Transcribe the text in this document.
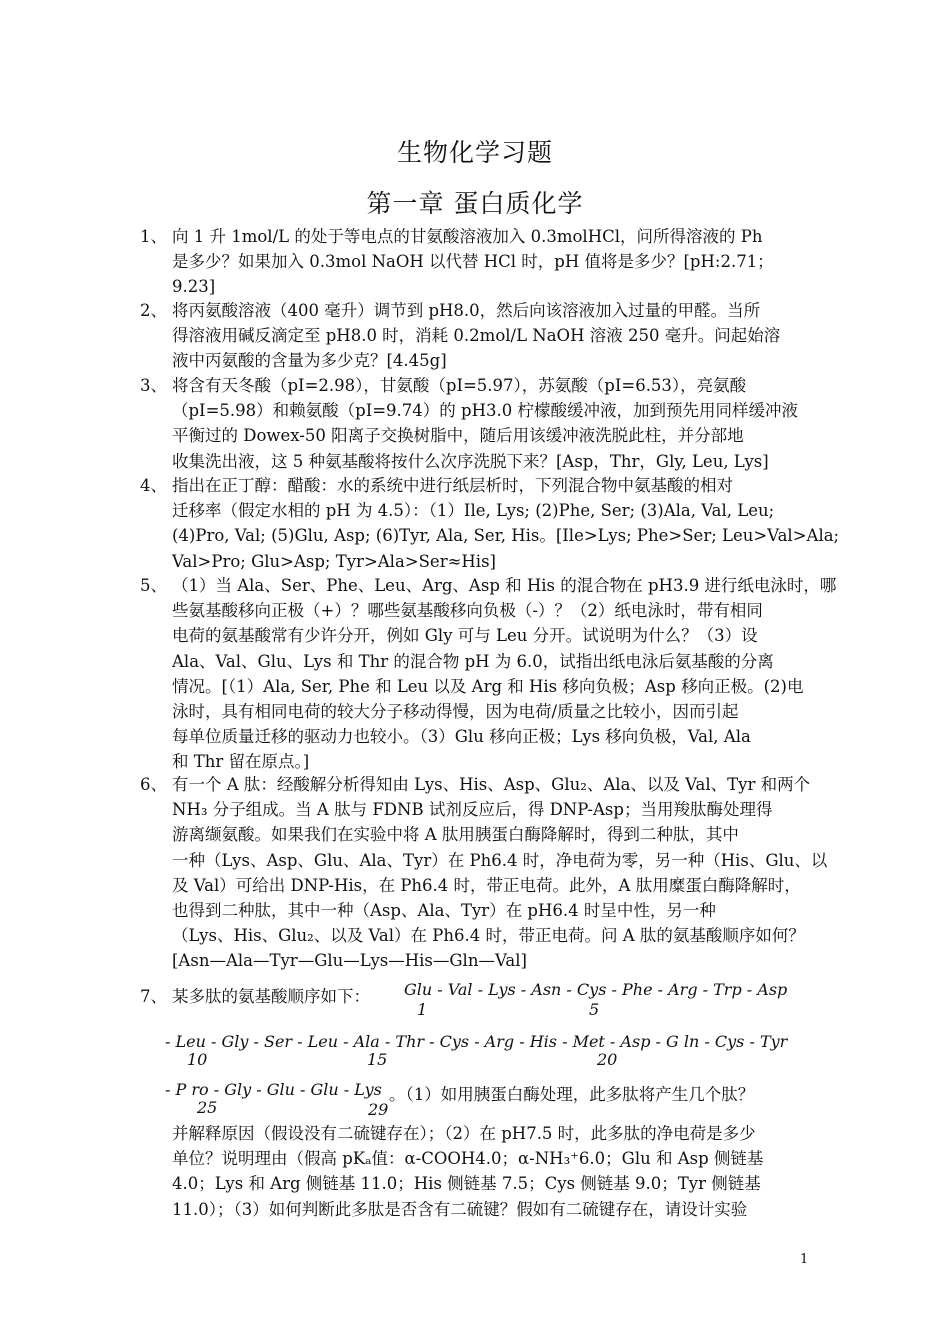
生物化学习题
第一章 蛋白质化学
1、 向 1 升 1mol/L 的处于等电点的甘氨酸溶液加入 0.3molHCl，问所得溶液的 Ph
是多少？如果加入 0.3mol NaOH 以代替 HCl 时，pH 值将是多少？[pH:2.71；
9.23]
2、 将丙氨酸溶液（400 毫升）调节到 pH8.0，然后向该溶液加入过量的甲醛。当所
得溶液用碱反滴定至 pH8.0 时，消耗 0.2mol/L NaOH 溶液 250 毫升。问起始溶
液中丙氨酸的含量为多少克？[4.45g]
3、 将含有天冬酸（pI=2.98），甘氨酸（pI=5.97），苏氨酸（pI=6.53），亮氨酸
（pI=5.98）和赖氨酸（pI=9.74）的 pH3.0 柠檬酸缓冲液，加到预先用同样缓冲液
平衡过的 Dowex-50 阳离子交换树脂中，随后用该缓冲液洗脱此柱，并分部地
收集洗出液，这 5 种氨基酸将按什么次序洗脱下来？[Asp，Thr，Gly, Leu, Lys]
4、 指出在正丁醇：醋酸：水的系统中进行纸层析时，下列混合物中氨基酸的相对
迁移率（假定水相的 pH 为 4.5）：（1）Ile, Lys; (2)Phe, Ser; (3)Ala, Val, Leu;
(4)Pro, Val; (5)Glu, Asp; (6)Tyr, Ala, Ser, His。[Ile>Lys; Phe>Ser; Leu>Val>Ala;
Val>Pro; Glu>Asp; Tyr>Ala>Ser≈His]
5、 （1）当 Ala、Ser、Phe、Leu、Arg、Asp 和 His 的混合物在 pH3.9 进行纸电泳时，哪
些氨基酸移向正极（+）？哪些氨基酸移向负极（-）？（2）纸电泳时，带有相同
电荷的氨基酸常有少许分开，例如 Gly 可与 Leu 分开。试说明为什么？（3）设
Ala、Val、Glu、Lys 和 Thr 的混合物 pH 为 6.0，试指出纸电泳后氨基酸的分离
情况。[（1）Ala, Ser, Phe 和 Leu 以及 Arg 和 His 移向负极；Asp 移向正极。(2)电
泳时，具有相同电荷的较大分子移动得慢，因为电荷/质量之比较小，因而引起
每单位质量迁移的驱动力也较小。（3）Glu 移向正极；Lys 移向负极，Val, Ala
和 Thr 留在原点。]
6、 有一个 A 肽：经酸解分析得知由 Lys、His、Asp、Glu₂、Ala、以及 Val、Tyr 和两个
NH₃ 分子组成。当 A 肽与 FDNB 试剂反应后，得 DNP-Asp；当用羧肽酶处理得
游离缬氨酸。如果我们在实验中将 A 肽用胰蛋白酶降解时，得到二种肽，其中
一种（Lys、Asp、Glu、Ala、Tyr）在 Ph6.4 时，净电荷为零，另一种（His、Glu、以
及 Val）可给出 DNP-His，在 Ph6.4 时，带正电荷。此外，A 肽用糜蛋白酶降解时，
也得到二种肽，其中一种（Asp、Ala、Tyr）在 pH6.4 时呈中性，另一种
（Lys、His、Glu₂、以及 Val）在 Ph6.4 时，带正电荷。问 A 肽的氨基酸顺序如何？
[Asn—Ala—Tyr—Glu—Lys—His—Gln—Val]
7、 某多肽的氨基酸顺序如下：	Glu - Val - Lys - Asn - Cys - Phe - Arg - Trp - Asp
1	5
- Leu - Gly - Ser - Leu - Ala - Thr - Cys - Arg - His - Met - Asp - G ln - Cys - Tyr
10	15	20
- P ro - Gly - Glu - Glu - Lys
25	29
。（1）如用胰蛋白酶处理，此多肽将产生几个肽？
并解释原因（假设没有二硫键存在）；（2）在 pH7.5 时，此多肽的净电荷是多少
单位？说明理由（假高 pKₐ值：α-COOH4.0；α-NH₃⁺6.0；Glu 和 Asp 侧链基
4.0；Lys 和 Arg 侧链基 11.0；His 侧链基 7.5；Cys 侧链基 9.0；Tyr 侧链基
11.0）；（3）如何判断此多肽是否含有二硫键？假如有二硫键存在，请设计实验
1
